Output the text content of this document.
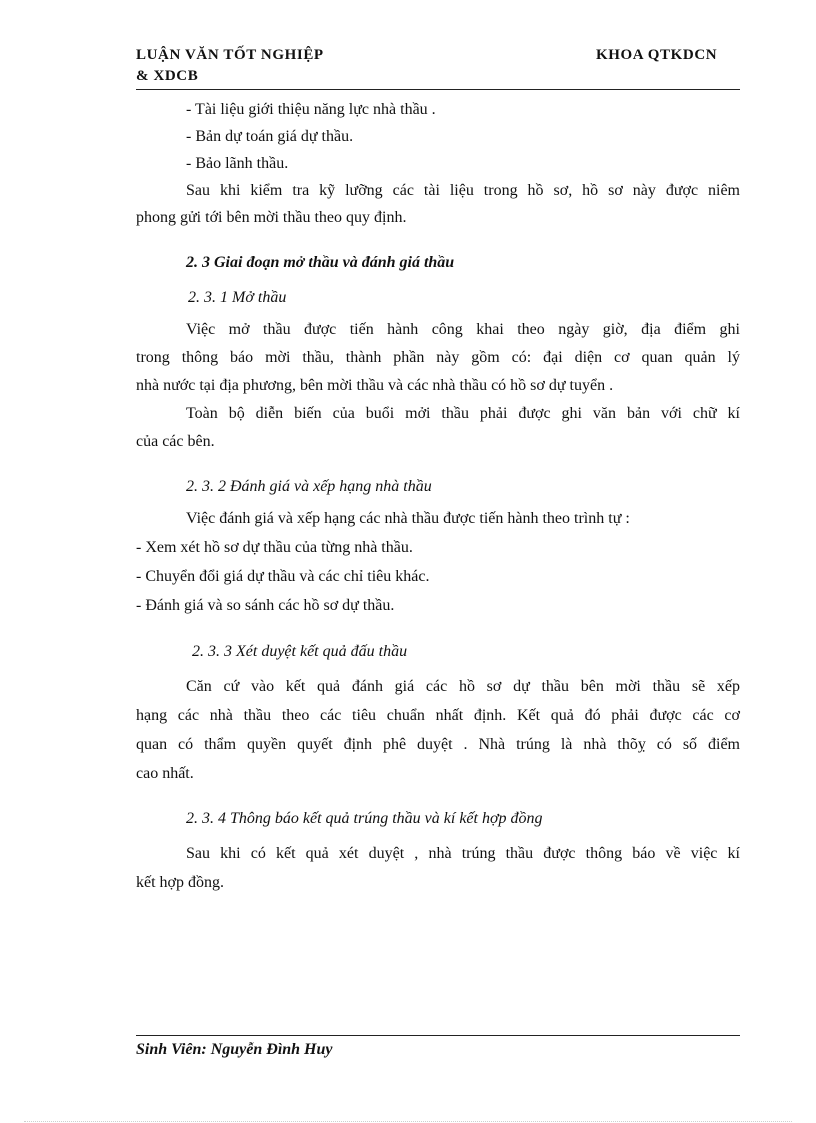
LUẬN VĂN TỐT NGHIỆP
& XDCB
KHOA QTKDCN
- Tài liệu giới thiệu năng lực nhà thầu .
- Bản dự toán giá dự thầu.
- Bảo lãnh thầu.
Sau khi kiểm tra kỹ lưỡng các tài liệu trong hồ sơ, hồ sơ này được niêm
phong gửi tới bên mời thầu theo quy định.
2. 3 Giai đoạn mở thầu và đánh giá thầu
2. 3. 1 Mở thầu
Việc mở thầu được tiến hành công khai theo ngày giờ, địa điểm ghi
trong thông báo mời thầu, thành phần này gồm có: đại diện cơ quan quản lý
nhà nước tại địa phương, bên mời thầu và các nhà thầu có hồ sơ dự tuyển .
Toàn bộ diễn biến của buổi mởi thầu phải được ghi văn bản với chữ kí
của các bên.
2. 3. 2 Đánh giá và xếp hạng nhà thầu
Việc đánh giá và xếp hạng các nhà thầu được tiến hành theo trình tự :
- Xem xét hồ sơ dự thầu của từng nhà thầu.
- Chuyển đổi giá dự thầu và các chỉ tiêu khác.
- Đánh giá và so sánh các hồ sơ dự thầu.
2. 3. 3 Xét duyệt kết quả đấu thầu
Căn cứ vào kết quả đánh giá các hồ sơ dự thầu bên mời thầu sẽ xếp
hạng các nhà thầu theo các tiêu chuẩn nhất định. Kết quả đó phải được các cơ
quan có thẩm quyền quyết định phê duyệt . Nhà trúng là nhà thõỵ có số điểm
cao nhất.
2. 3. 4 Thông báo kết quả trúng thầu và kí kết hợp đồng
Sau khi có kết quả xét duyệt , nhà trúng thầu được thông báo về việc kí
kết hợp đồng.
Sinh Viên: Nguyễn Đình Huy
